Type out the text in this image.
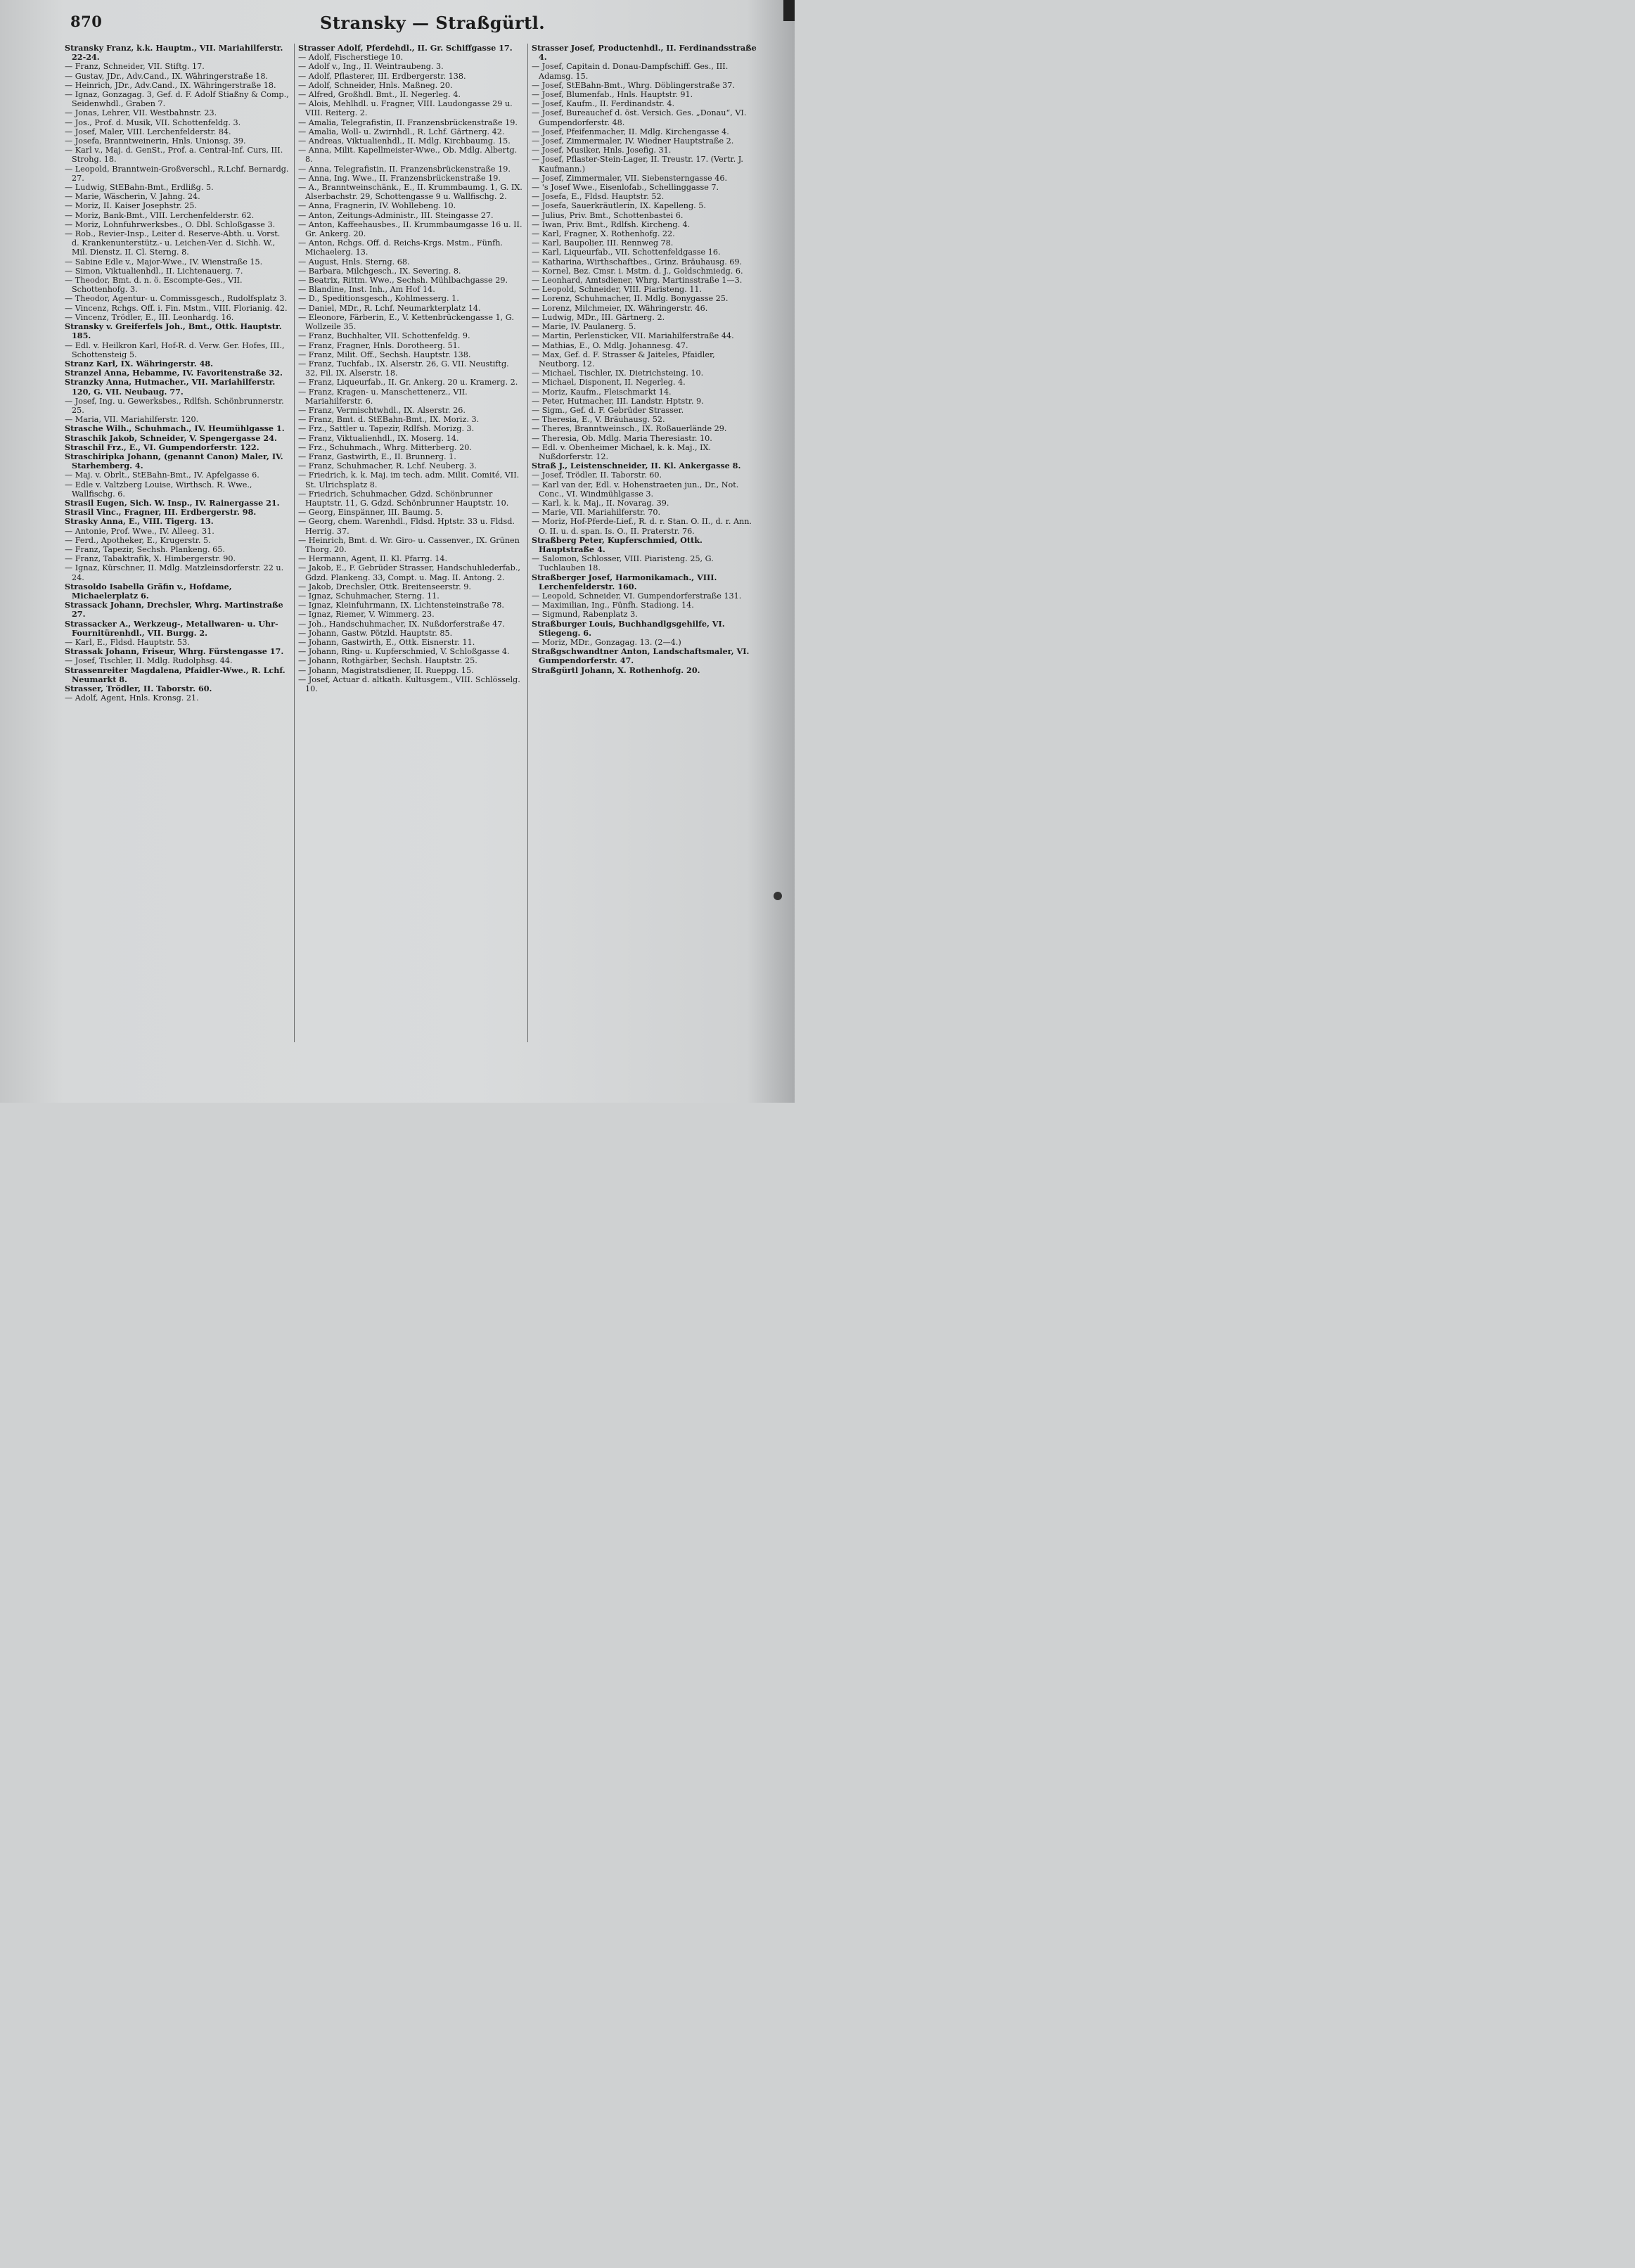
870	Stransky — Straßgürtl.

Stransky Franz, k.k. Hauptm., VII. Mariahilferstr. 22-24.

— Franz, Schneider, VII. Stiftg. 17.

— Gustav, JDr., Adv.Cand., IX. Währingerstraße 18.

— Heinrich, JDr., Adv.Cand., IX. Währingerstraße 18.

— Ignaz, Gonzagag. 3, Gef. d. F. Adolf Stiaßny & Comp., Seidenwhdl., Graben 7.

— Jonas, Lehrer, VII. Westbahnstr. 23.

— Jos., Prof. d. Musik, VII. Schottenfeldg. 3.

— Josef, Maler, VIII. Lerchenfelderstr. 84.

— Josefa, Branntweinerin, Hnls. Unionsg. 39.

— Karl v., Maj. d. GenSt., Prof. a. Central-Inf. Curs, III. Strohg. 18.

— Leopold, Branntwein-Großverschl., R.Lchf. Bernardg. 27.

— Ludwig, StEBahn-Bmt., Erdlißg. 5.

— Marie, Wäscherin, V. Jahng. 24.

— Moriz, II. Kaiser Josephstr. 25.

— Moriz, Bank-Bmt., VIII. Lerchenfelderstr. 62.

— Moriz, Lohnfuhrwerksbes., O. Dbl. Schloßgasse 3.

— Rob., Revier-Insp., Leiter d. Reserve-Abth. u. Vorst. d. Krankenunterstütz.- u. Leichen-Ver. d. Sichh. W., Mil. Dienstz. II. Cl. Sterng. 8.

— Sabine Edle v., Major-Wwe., IV. Wienstraße 15.

— Simon, Viktualienhdl., II. Lichtenauerg. 7.

— Theodor, Bmt. d. n. ö. Escompte-Ges., VII. Schottenhofg. 3.

— Theodor, Agentur- u. Commissgesch., Rudolfsplatz 3.

— Vincenz, Rchgs. Off. i. Fin. Mstm., VIII. Florianig. 42.

— Vincenz, Trödler, E., III. Leonhardg. 16.

Stransky v. Greiferfels Joh., Bmt., Ottk. Hauptstr. 185.

— Edl. v. Heilkron Karl, Hof-R. d. Verw. Ger. Hofes, III., Schottensteig 5.

Stranz Karl, IX. Währingerstr. 48.

Stranzel Anna, Hebamme, IV. Favoritenstraße 32.

Stranzky Anna, Hutmacher., VII. Mariahilferstr. 120, G. VII. Neubaug. 77.

— Josef, Ing. u. Gewerksbes., Rdlfsh. Schönbrunnerstr. 25.

— Maria, VII. Mariahilferstr. 120.

Strasche Wilh., Schuhmach., IV. Heumühlgasse 1.

Straschik Jakob, Schneider, V. Spengergasse 24.

Straschil Frz., E., VI. Gumpendorferstr. 122.

Straschiripka Johann, (genannt Canon) Maler, IV. Starhemberg. 4.

— Maj. v. Obrlt., StEBahn-Bmt., IV. Apfelgasse 6.

— Edle v. Valtzberg Louise, Wirthsch. R. Wwe., Wallfischg. 6.

Strasil Eugen, Sich. W. Insp., IV. Rainergasse 21.

Strasil Vinc., Fragner, III. Erdbergerstr. 98.

Strasky Anna, E., VIII. Tigerg. 13.

— Antonie, Prof. Wwe., IV. Alleeg. 31.

— Ferd., Apotheker, E., Krugerstr. 5.

— Franz, Tapezir, Sechsh. Plankeng. 65.

— Franz, Tabaktrafik, X. Himbergerstr. 90.

— Ignaz, Kürschner, II. Mdlg. Matzleinsdorferstr. 22 u. 24.

Strasoldo Isabella Gräfin v., Hofdame, Michaelerplatz 6.

Strassack Johann, Drechsler, Whrg. Martinstraße 27.

Strassacker A., Werkzeug-, Metallwaren- u. Uhr-Fournitürenhdl., VII. Burgg. 2.

— Karl, E., Fldsd. Hauptstr. 53.

Strassak Johann, Friseur, Whrg. Fürstengasse 17.

— Josef, Tischler, II. Mdlg. Rudolphsg. 44.

Strassenreiter Magdalena, Pfaidler-Wwe., R. Lchf. Neumarkt 8.

Strasser, Trödler, II. Taborstr. 60.

— Adolf, Agent, Hnls. Kronsg. 21.

Strasser Adolf, Pferdehdl., II. Gr. Schiffgasse 17.

— Adolf, Fischerstiege 10.

— Adolf v., Ing., II. Weintraubeng. 3.

— Adolf, Pflasterer, III. Erdbergerstr. 138.

— Adolf, Schneider, Hnls. Maßneg. 20.

— Alfred, Großhdl. Bmt., II. Negerleg. 4.

— Alois, Mehlhdl. u. Fragner, VIII. Laudongasse 29 u. VIII. Reiterg. 2.

— Amalia, Telegrafistin, II. Franzensbrückenstraße 19.

— Amalia, Woll- u. Zwirnhdl., R. Lchf. Gärtnerg. 42.

— Andreas, Viktualienhdl., II. Mdlg. Kirchbaumg. 15.

— Anna, Milit. Kapellmeister-Wwe., Ob. Mdlg. Albertg. 8.

— Anna, Telegrafistin, II. Franzensbrückenstraße 19.

— Anna, Ing. Wwe., II. Franzensbrückenstraße 19.

— A., Branntweinschänk., E., II. Krummbaumg. 1, G. IX. Alserbachstr. 29, Schottengasse 9 u. Wallfischg. 2.

— Anna, Fragnerin, IV. Wohllebeng. 10.

— Anton, Zeitungs-Administr., III. Steingasse 27.

— Anton, Kaffeehausbes., II. Krummbaumgasse 16 u. II. Gr. Ankerg. 20.

— Anton, Rchgs. Off. d. Reichs-Krgs. Mstm., Fünfh. Michaelerg. 13.

— August, Hnls. Sterng. 68.

— Barbara, Milchgesch., IX. Severing. 8.

— Beatrix, Rittm. Wwe., Sechsh. Mühlbachgasse 29.

— Blandine, Inst. Inh., Am Hof 14.

— D., Speditionsgesch., Kohlmesserg. 1.

— Daniel, MDr., R. Lchf. Neumarkterplatz 14.

— Eleonore, Färberin, E., V. Kettenbrückengasse 1, G. Wollzeile 35.

— Franz, Buchhalter, VII. Schottenfeldg. 9.

— Franz, Fragner, Hnls. Dorotheerg. 51.

— Franz, Milit. Off., Sechsh. Hauptstr. 138.

— Franz, Tuchfab., IX. Alserstr. 26, G. VII. Neustiftg. 32, Fil. IX. Alserstr. 18.

— Franz, Liqueurfab., II. Gr. Ankerg. 20 u. Kramerg. 2.

— Franz, Kragen- u. Manschettenerz., VII. Mariahilferstr. 6.

— Franz, Vermischtwhdl., IX. Alserstr. 26.

— Franz, Bmt. d. StEBahn-Bmt., IX. Moriz. 3.

— Frz., Sattler u. Tapezir, Rdlfsh. Morizg. 3.

— Franz, Viktualienhdl., IX. Moserg. 14.

— Frz., Schuhmach., Whrg. Mitterberg. 20.

— Franz, Gastwirth, E., II. Brunnerg. 1.

— Franz, Schuhmacher, R. Lchf. Neuberg. 3.

— Friedrich, k. k. Maj. im tech. adm. Milit. Comité, VII. St. Ulrichsplatz 8.

— Friedrich, Schuhmacher, Gdzd. Schönbrunner Hauptstr. 11, G. Gdzd. Schönbrunner Hauptstr. 10.

— Georg, Einspänner, III. Baumg. 5.

— Georg, chem. Warenhdl., Fldsd. Hptstr. 33 u. Fldsd. Herrig. 37.

— Heinrich, Bmt. d. Wr. Giro- u. Cassenver., IX. Grünen Thorg. 20.

— Hermann, Agent, II. Kl. Pfarrg. 14.

— Jakob, E., F. Gebrüder Strasser, Handschuhlederfab., Gdzd. Plankeng. 33, Compt. u. Mag. II. Antong. 2.

— Jakob, Drechsler, Ottk. Breitenseerstr. 9.

— Ignaz, Schuhmacher, Sterng. 11.

— Ignaz, Kleinfuhrmann, IX. Lichtensteinstraße 78.

— Ignaz, Riemer, V. Wimmerg. 23.

— Joh., Handschuhmacher, IX. Nußdorferstraße 47.

— Johann, Gastw. Pötzld. Hauptstr. 85.

— Johann, Gastwirth, E., Ottk. Eisnerstr. 11.

— Johann, Ring- u. Kupferschmied, V. Schloßgasse 4.

— Johann, Rothgärber, Sechsh. Hauptstr. 25.

— Johann, Magistratsdiener, II. Rueppg. 15.

— Josef, Actuar d. altkath. Kultusgem., VIII. Schlösselg. 10.

Strasser Josef, Productenhdl., II. Ferdinandsstraße 4.

— Josef, Capitain d. Donau-Dampfschiff. Ges., III. Adamsg. 15.

— Josef, StEBahn-Bmt., Whrg. Döblingerstraße 37.

— Josef, Blumenfab., Hnls. Hauptstr. 91.

— Josef, Kaufm., II. Ferdinandstr. 4.

— Josef, Bureauchef d. öst. Versich. Ges. „Donau“, VI. Gumpendorferstr. 48.

— Josef, Pfeifenmacher, II. Mdlg. Kirchengasse 4.

— Josef, Zimmermaler, IV. Wiedner Hauptstraße 2.

— Josef, Musiker, Hnls. Josefig. 31.

— Josef, Pflaster-Stein-Lager, II. Treustr. 17. (Vertr. J. Kaufmann.)

— Josef, Zimmermaler, VII. Siebensterngasse 46.

— 's Josef Wwe., Eisenlofab., Schellinggasse 7.

— Josefa, E., Fldsd. Hauptstr. 52.

— Josefa, Sauerkräutlerin, IX. Kapelleng. 5.

— Julius, Priv. Bmt., Schottenbastei 6.

— Iwan, Priv. Bmt., Rdlfsh. Kircheng. 4.

— Karl, Fragner, X. Rothenhofg. 22.

— Karl, Baupolier, III. Rennweg 78.

— Karl, Liqueurfab., VII. Schottenfeldgasse 16.

— Katharina, Wirthschaftbes., Grinz. Bräuhausg. 69.

— Kornel, Bez. Cmsr. i. Mstm. d. J., Goldschmiedg. 6.

— Leonhard, Amtsdiener, Whrg. Martinsstraße 1—3.

— Leopold, Schneider, VIII. Piaristeng. 11.

— Lorenz, Schuhmacher, II. Mdlg. Bonygasse 25.

— Lorenz, Milchmeier, IX. Währingerstr. 46.

— Ludwig, MDr., III. Gärtnerg. 2.

— Marie, IV. Paulanerg. 5.

— Martin, Perlensticker, VII. Mariahilferstraße 44.

— Mathias, E., O. Mdlg. Johannesg. 47.

— Max, Gef. d. F. Strasser & Jaiteles, Pfaidler, Neutborg. 12.

— Michael, Tischler, IX. Dietrichsteing. 10.

— Michael, Disponent, II. Negerleg. 4.

— Moriz, Kaufm., Fleischmarkt 14.

— Peter, Hutmacher, III. Landstr. Hptstr. 9.

— Sigm., Gef. d. F. Gebrüder Strasser.

— Theresia, E., V. Bräuhausg. 52.

— Theres, Branntweinsch., IX. Roßauerlände 29.

— Theresia, Ob. Mdlg. Maria Theresiastr. 10.

— Edl. v. Obenheimer Michael, k. k. Maj., IX. Nußdorferstr. 12.

Straß J., Leistenschneider, II. Kl. Ankergasse 8.

— Josef, Trödler, II. Taborstr. 60.

— Karl van der, Edl. v. Hohenstraeten jun., Dr., Not. Conc., VI. Windmühlgasse 3.

— Karl, k. k. Maj., II. Novarag. 39.

— Marie, VII. Mariahilferstr. 70.

— Moriz, Hof-Pferde-Lief., R. d. r. Stan. O. II., d. r. Ann. O. II. u. d. span. Is. O., II. Praterstr. 76.

Straßberg Peter, Kupferschmied, Ottk. Hauptstraße 4.

— Salomon, Schlosser, VIII. Piaristeng. 25, G. Tuchlauben 18.

Straßberger Josef, Harmonikamach., VIII. Lerchenfelderstr. 160.

— Leopold, Schneider, VI. Gumpendorferstraße 131.

— Maximilian, Ing., Fünfh. Stadiong. 14.

— Sigmund, Rabenplatz 3.

Straßburger Louis, Buchhandlgsgehilfe, VI. Stiegeng. 6.

— Moriz, MDr., Gonzagag. 13. (2—4.)

Straßgschwandtner Anton, Landschaftsmaler, VI. Gumpendorferstr. 47.

Straßgürtl Johann, X. Rothenhofg. 20.
